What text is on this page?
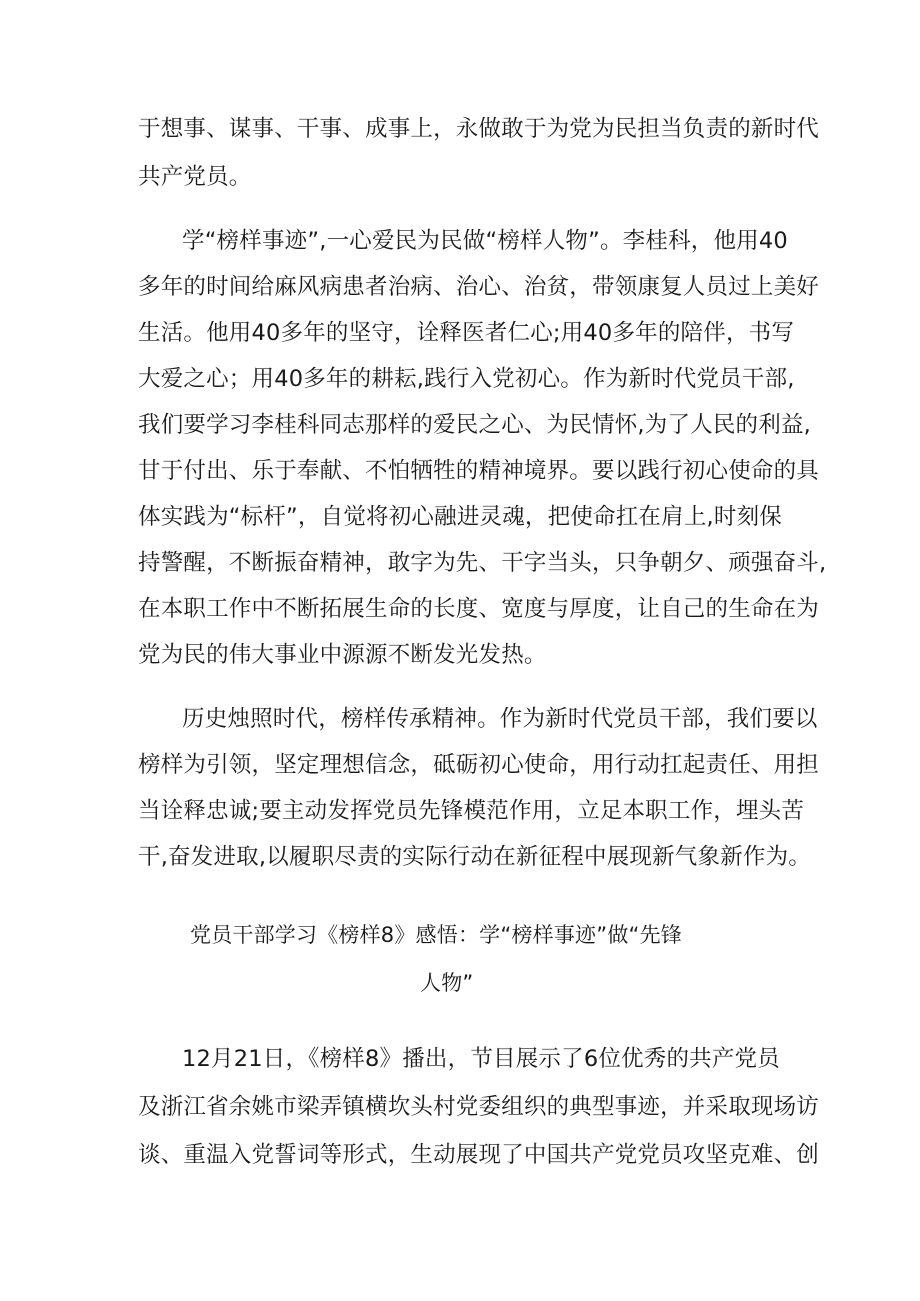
于想事、谋事、干事、成事上，永做敢于为党为民担当负责的新时代
共产党员。
学“榜样事迹”,一心爱民为民做“榜样人物”。李桂科，他用40
多年的时间给麻风病患者治病、治心、治贫，带领康复人员过上美好
生活。他用40多年的坚守，诠释医者仁心;用40多年的陪伴，书写
大爱之心；用40多年的耕耘,践行入党初心。作为新时代党员干部,
我们要学习李桂科同志那样的爱民之心、为民情怀,为了人民的利益,
甘于付出、乐于奉献、不怕牺牲的精神境界。要以践行初心使命的具
体实践为“标杆”，自觉将初心融进灵魂，把使命扛在肩上,时刻保
持警醒，不断振奋精神，敢字为先、干字当头，只争朝夕、顽强奋斗,
在本职工作中不断拓展生命的长度、宽度与厚度，让自己的生命在为
党为民的伟大事业中源源不断发光发热。
历史烛照时代，榜样传承精神。作为新时代党员干部，我们要以
榜样为引领，坚定理想信念，砥砺初心使命，用行动扛起责任、用担
当诠释忠诚;要主动发挥党员先锋模范作用，立足本职工作，埋头苦
干,奋发进取,以履职尽责的实际行动在新征程中展现新气象新作为。
党员干部学习《榜样8》感悟：学“榜样事迹”做“先锋
人物”
12月21日，《榜样8》播出，节目展示了6位优秀的共产党员
及浙江省余姚市梁弄镇横坎头村党委组织的典型事迹，并采取现场访
谈、重温入党誓词等形式，生动展现了中国共产党党员攻坚克难、创
